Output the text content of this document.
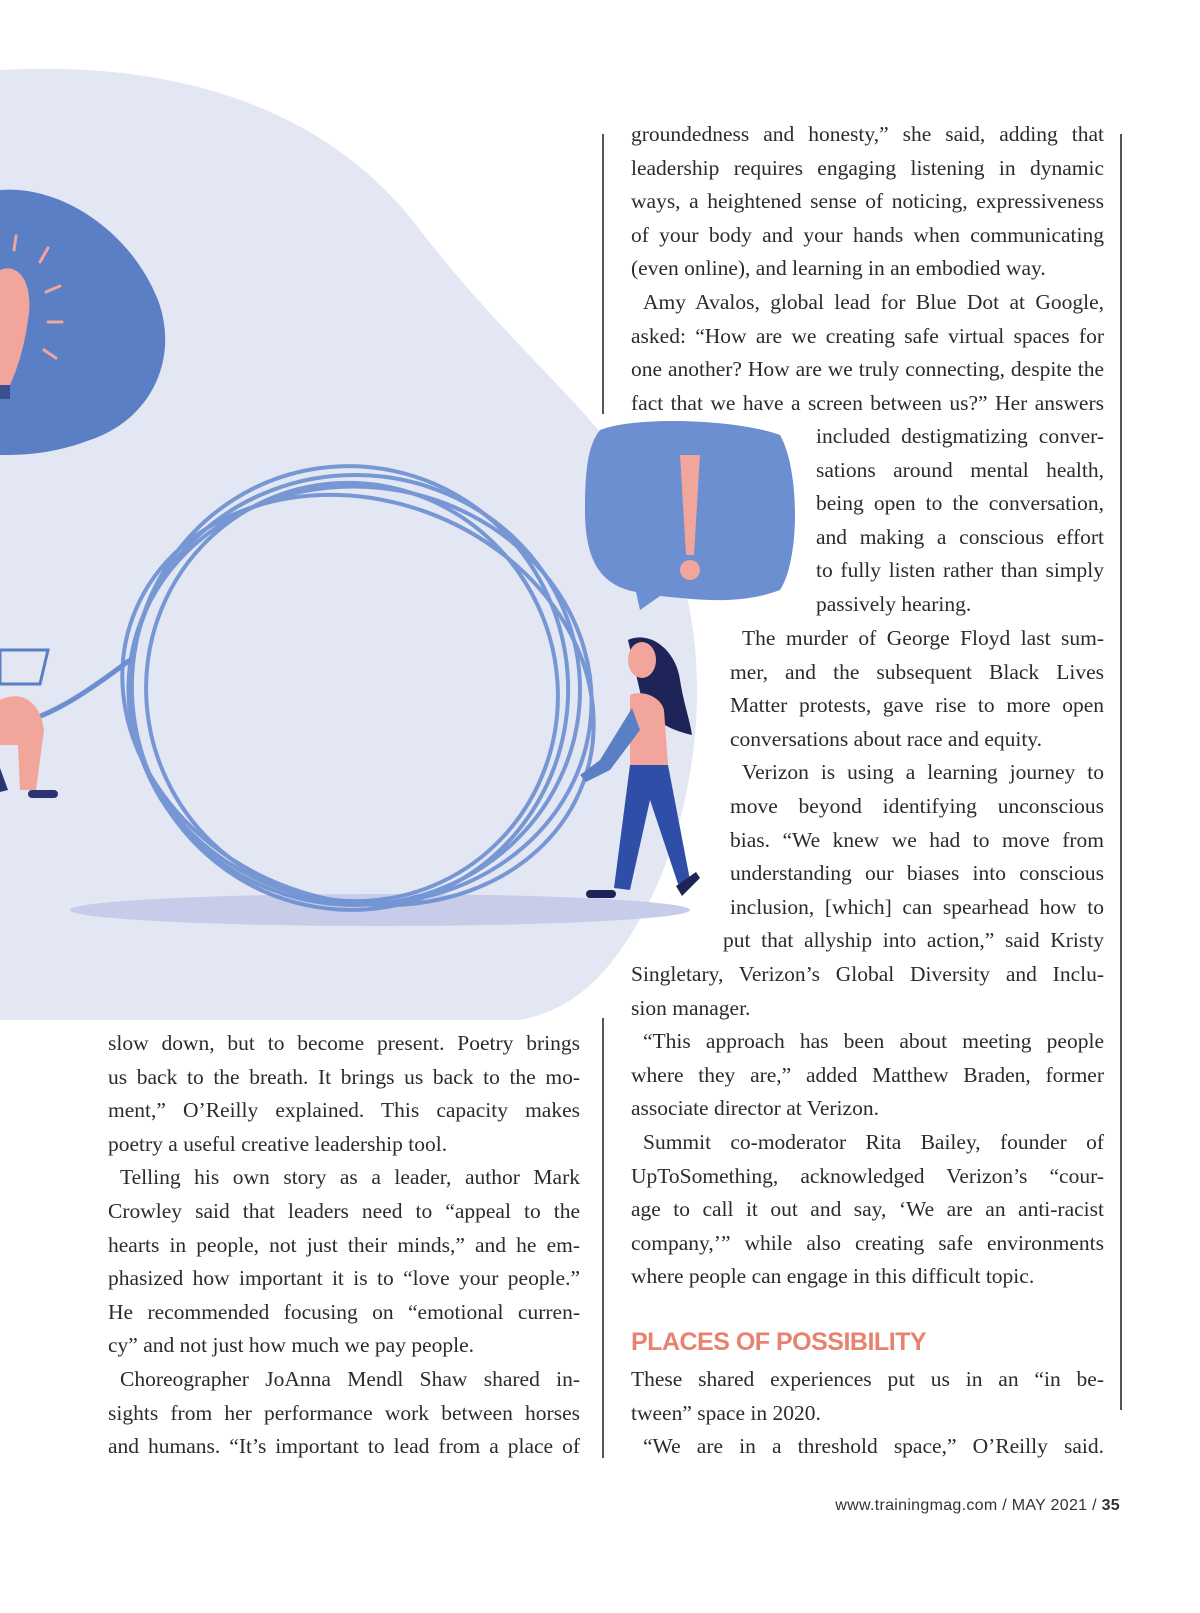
groundedness and honesty,” she said, adding that
leadership requires engaging listening in dynamic
ways, a heightened sense of noticing, expressiveness
of your body and your hands when communicating
(even online), and learning in an embodied way.
Amy Avalos, global lead for Blue Dot at Google,
asked: “How are we creating safe virtual spaces for
one another? How are we truly connecting, despite the
fact that we have a screen between us?” Her answers
included destigmatizing conver-
sations around mental health,
being open to the conversation,
and making a conscious effort
to fully listen rather than simply
passively hearing.
The murder of George Floyd last sum-
mer, and the subsequent Black Lives
Matter protests, gave rise to more open
conversations about race and equity.
Verizon is using a learning journey to
move beyond identifying unconscious
bias. “We knew we had to move from
understanding our biases into conscious
inclusion, [which] can spearhead how to
put that allyship into action,” said Kristy
Singletary, Verizon’s Global Diversity and Inclu-
sion manager.
“This approach has been about meeting people
where they are,” added Matthew Braden, former
associate director at Verizon.
Summit co-moderator Rita Bailey, founder of
UpToSomething, acknowledged Verizon’s “cour-
age to call it out and say, ‘We are an anti-racist
company,’” while also creating safe environments
where people can engage in this difficult topic.
PLACES OF POSSIBILITY
These shared experiences put us in an “in be-
tween” space in 2020.
“We are in a threshold space,” O’Reilly said.
slow down, but to become present. Poetry brings
us back to the breath. It brings us back to the mo-
ment,” O’Reilly explained. This capacity makes
poetry a useful creative leadership tool.
Telling his own story as a leader, author Mark
Crowley said that leaders need to “appeal to the
hearts in people, not just their minds,” and he em-
phasized how important it is to “love your people.”
He recommended focusing on “emotional curren-
cy” and not just how much we pay people.
Choreographer JoAnna Mendl Shaw shared in-
sights from her performance work between horses
and humans. “It’s important to lead from a place of
www.trainingmag.com / MAY 2021 / 35
